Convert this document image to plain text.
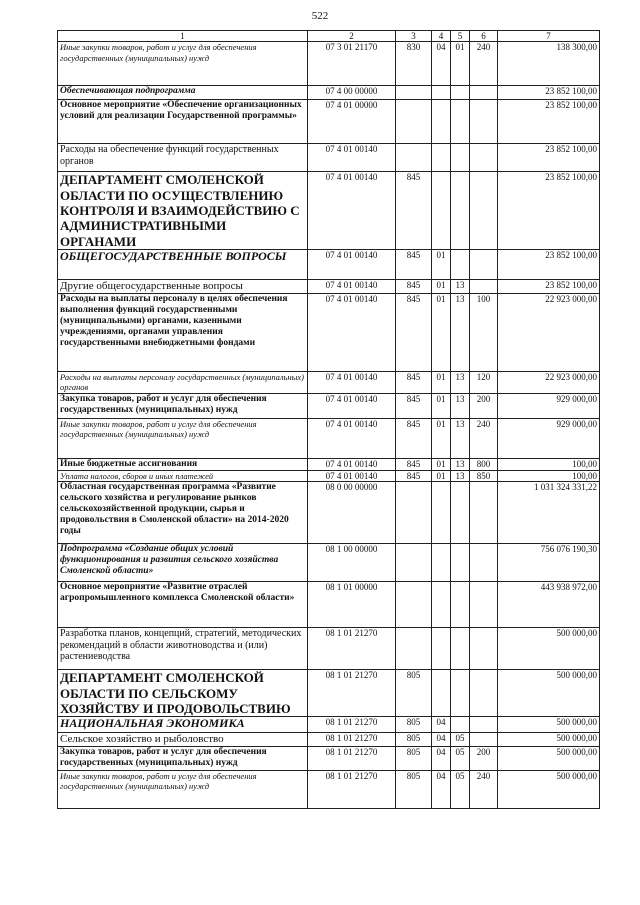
522
1	2	3	4	5	6	7
Иные закупки товаров, работ и услуг для обеспечения государственных (муниципальных) нужд	07 3 01 21170	830	04	01	240	138 300,00
Обеспечивающая подпрограмма	07 4 00 00000					23 852 100,00
Основное мероприятие «Обеспечение организационных условий для реализации Государственной программы»	07 4 01 00000					23 852 100,00
Расходы на обеспечение функций государственных органов	07 4 01 00140					23 852 100,00
ДЕПАРТАМЕНТ СМОЛЕНСКОЙ ОБЛАСТИ ПО ОСУЩЕСТВЛЕНИЮ КОНТРОЛЯ И ВЗАИМОДЕЙСТВИЮ С АДМИНИСТРАТИВНЫМИ ОРГАНАМИ	07 4 01 00140	845				23 852 100,00
ОБЩЕГОСУДАРСТВЕННЫЕ ВОПРОСЫ	07 4 01 00140	845	01			23 852 100,00
Другие общегосударственные вопросы	07 4 01 00140	845	01	13		23 852 100,00
Расходы на выплаты персоналу в целях обеспечения выполнения функций государственными (муниципальными) органами, казенными учреждениями, органами управления государственными внебюджетными фондами	07 4 01 00140	845	01	13	100	22 923 000,00
Расходы на выплаты персоналу государственных (муниципальных) органов	07 4 01 00140	845	01	13	120	22 923 000,00
Закупка товаров, работ и услуг для обеспечения государственных (муниципальных) нужд	07 4 01 00140	845	01	13	200	929 000,00
Иные закупки товаров, работ и услуг для обеспечения государственных (муниципальных) нужд	07 4 01 00140	845	01	13	240	929 000,00
Иные бюджетные ассигнования	07 4 01 00140	845	01	13	800	100,00
Уплата налогов, сборов и иных платежей	07 4 01 00140	845	01	13	850	100,00
Областная государственная программа «Развитие сельского хозяйства и регулирование рынков сельскохозяйственной продукции, сырья и продовольствия в Смоленской области» на 2014-2020 годы	08 0 00 00000					1 031 324 331,22
Подпрограмма «Создание общих условий функционирования и развития сельского хозяйства Смоленской области»	08 1 00 00000					756 076 190,30
Основное мероприятие «Развитие отраслей агропромышленного комплекса Смоленской области»	08 1 01 00000					443 938 972,00
Разработка планов, концепций, стратегий, методических рекомендаций в области животноводства и (или) растениеводства	08 1 01 21270					500 000,00
ДЕПАРТАМЕНТ СМОЛЕНСКОЙ ОБЛАСТИ ПО СЕЛЬСКОМУ ХОЗЯЙСТВУ И ПРОДОВОЛЬСТВИЮ	08 1 01 21270	805				500 000,00
НАЦИОНАЛЬНАЯ ЭКОНОМИКА	08 1 01 21270	805	04			500 000,00
Сельское хозяйство и рыболовство	08 1 01 21270	805	04	05		500 000,00
Закупка товаров, работ и услуг для обеспечения государственных (муниципальных) нужд	08 1 01 21270	805	04	05	200	500 000,00
Иные закупки товаров, работ и услуг для обеспечения государственных (муниципальных) нужд	08 1 01 21270	805	04	05	240	500 000,00
